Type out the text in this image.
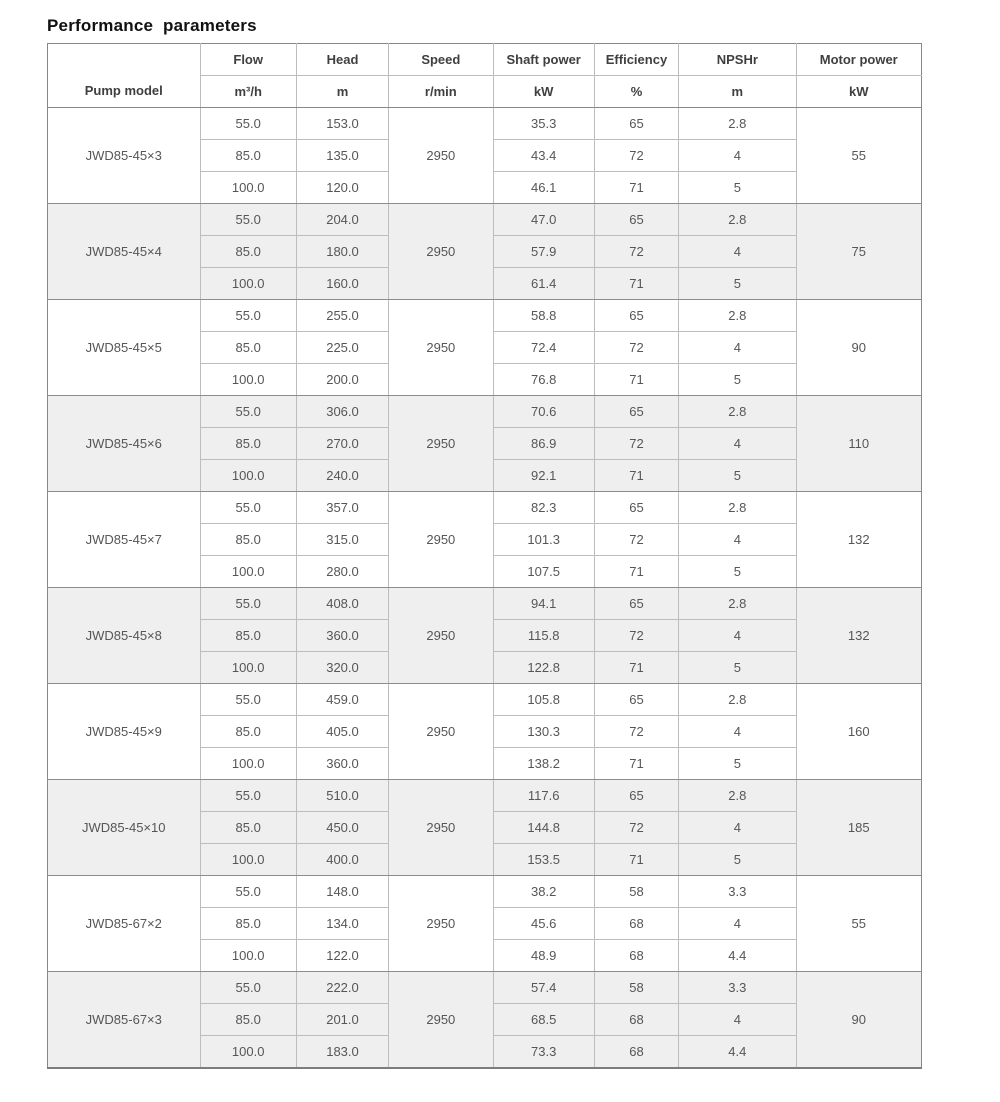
Performance parameters
Pump model	Flow	Head	Speed	Shaft power	Efficiency	NPSHr	Motor power
	m³/h	m	r/min	kW	%	m	kW
JWD85-45×3	55.0	153.0	2950	35.3	65	2.8	55
	85.0	135.0		43.4	72	4	
	100.0	120.0		46.1	71	5	
JWD85-45×4	55.0	204.0	2950	47.0	65	2.8	75
	85.0	180.0		57.9	72	4	
	100.0	160.0		61.4	71	5	
JWD85-45×5	55.0	255.0	2950	58.8	65	2.8	90
	85.0	225.0		72.4	72	4	
	100.0	200.0		76.8	71	5	
JWD85-45×6	55.0	306.0	2950	70.6	65	2.8	110
	85.0	270.0		86.9	72	4	
	100.0	240.0		92.1	71	5	
JWD85-45×7	55.0	357.0	2950	82.3	65	2.8	132
	85.0	315.0		101.3	72	4	
	100.0	280.0		107.5	71	5	
JWD85-45×8	55.0	408.0	2950	94.1	65	2.8	132
	85.0	360.0		115.8	72	4	
	100.0	320.0		122.8	71	5	
JWD85-45×9	55.0	459.0	2950	105.8	65	2.8	160
	85.0	405.0		130.3	72	4	
	100.0	360.0		138.2	71	5	
JWD85-45×10	55.0	510.0	2950	117.6	65	2.8	185
	85.0	450.0		144.8	72	4	
	100.0	400.0		153.5	71	5	
JWD85-67×2	55.0	148.0	2950	38.2	58	3.3	55
	85.0	134.0		45.6	68	4	
	100.0	122.0		48.9	68	4.4	
JWD85-67×3	55.0	222.0	2950	57.4	58	3.3	90
	85.0	201.0		68.5	68	4	
	100.0	183.0		73.3	68	4.4	
